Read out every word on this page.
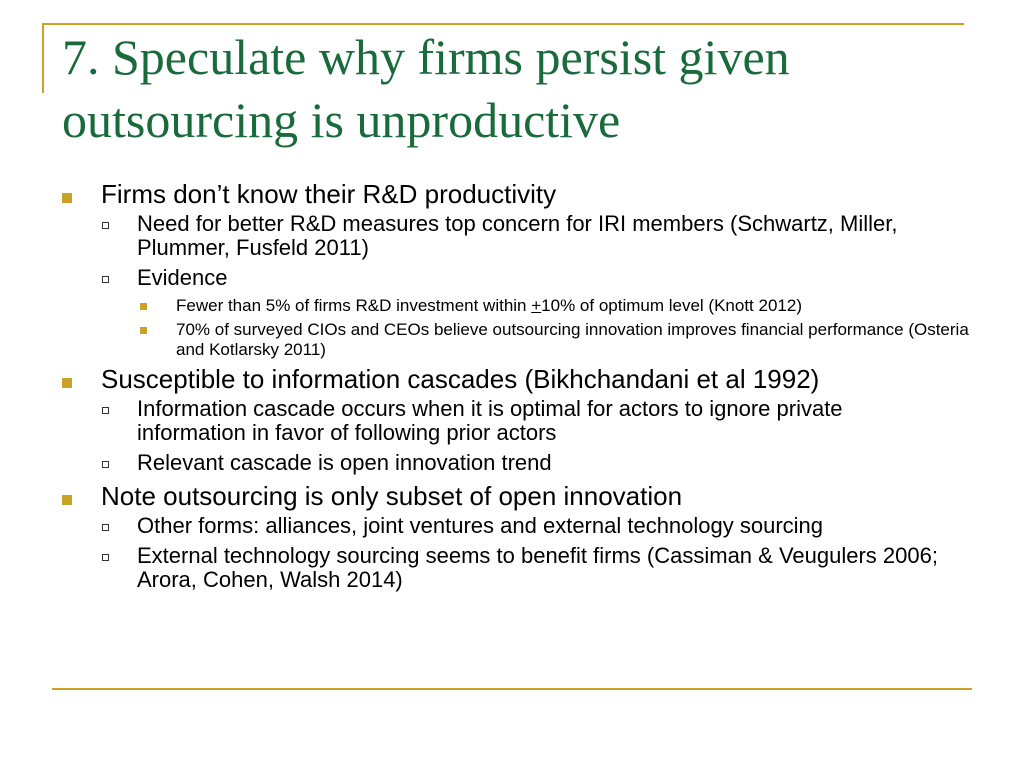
7. Speculate why firms persist given outsourcing is unproductive
Firms don’t know their R&D productivity
Need for better R&D measures top concern for IRI members (Schwartz, Miller, Plummer, Fusfeld 2011)
Evidence
Fewer than 5% of firms R&D investment within +10% of optimum level (Knott 2012)
70% of surveyed CIOs and CEOs believe outsourcing innovation improves financial performance (Osteria and Kotlarsky 2011)
Susceptible to information cascades (Bikhchandani et al 1992)
Information cascade occurs when it is optimal for actors to ignore private information in favor of following prior actors
Relevant cascade is open innovation trend
Note outsourcing is only subset of open innovation
Other forms: alliances, joint ventures and external technology sourcing
External technology sourcing seems to benefit firms (Cassiman & Veugulers 2006; Arora, Cohen, Walsh 2014)
